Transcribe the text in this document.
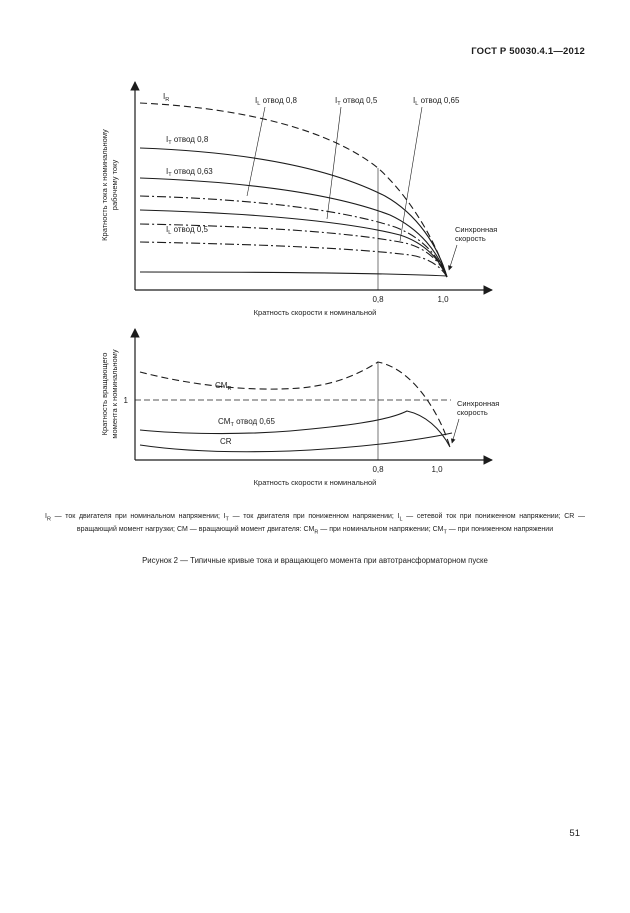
ГОСТ Р 50030.4.1—2012
$I_R$	$I_L$ отвод 0,8	$I_T$ отвод 0,5	$I_L$ отвод 0,65
$I_T$ отвод 0,8
$I_T$ отвод 0,63
$I_L$ отвод 0,5	Синхронная
скорость
0,8	1,0
Кратность скорости к номинальной
Кратность тока к номинальному рабочему току
$CM_R$
$CM_T$ отвод 0,65
CR
Синхронная
скорость
1
0,8	1,0
Кратность скорости к номинальной
Кратность вращающего момента к номинальному

$I_R$ — ток двигателя при номинальном напряжении; $I_T$ — ток двигателя при пониженном напряжении; $I_L$ — сетевой ток при пониженном напряжении; CR — вращающий момент нагрузки; CM — вращающий момент двигателя: $CM_R$ — при номинальном напряжении; $CM_T$ — при пониженном напряжении

Рисунок 2 — Типичные кривые тока и вращающего момента при автотрансформаторном пуске
51
